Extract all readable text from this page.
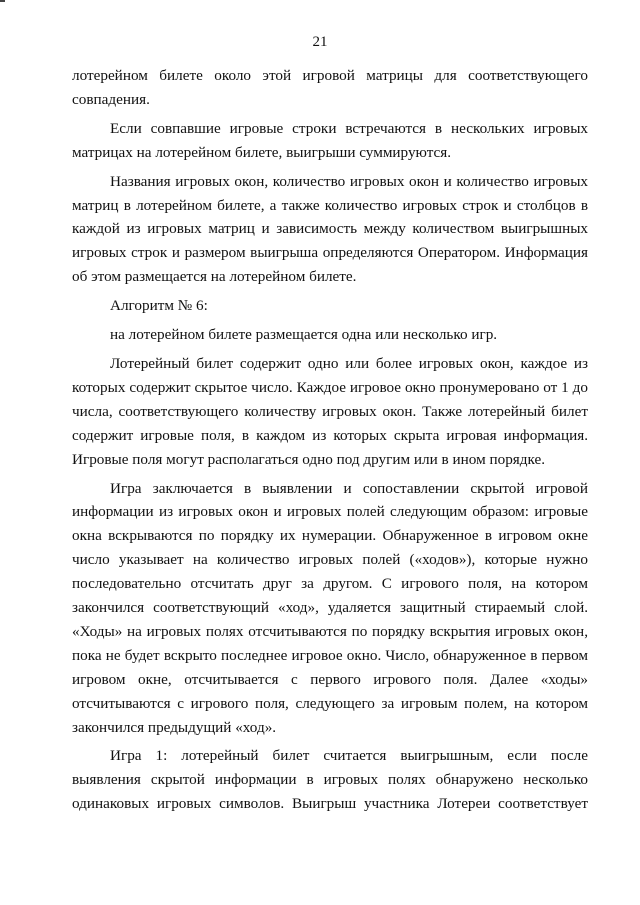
21

лотерейном билете около этой игровой матрицы для соответствующего совпадения.

Если совпавшие игровые строки встречаются в нескольких игровых матрицах на лотерейном билете, выигрыши суммируются.

Названия игровых окон, количество игровых окон и количество игровых матриц в лотерейном билете, а также количество игровых строк и столбцов в каждой из игровых матриц и зависимость между количеством выигрышных игровых строк и размером выигрыша определяются Оператором. Информация об этом размещается на лотерейном билете.

Алгоритм № 6:

на лотерейном билете размещается одна или несколько игр.

Лотерейный билет содержит одно или более игровых окон, каждое из которых содержит скрытое число. Каждое игровое окно пронумеровано от 1 до числа, соответствующего количеству игровых окон. Также лотерейный билет содержит игровые поля, в каждом из которых скрыта игровая информация. Игровые поля могут располагаться одно под другим или в ином порядке.

Игра заключается в выявлении и сопоставлении скрытой игровой информации из игровых окон и игровых полей следующим образом: игровые окна вскрываются по порядку их нумерации. Обнаруженное в игровом окне число указывает на количество игровых полей («ходов»), которые нужно последовательно отсчитать друг за другом. С игрового поля, на котором закончился соответствующий «ход», удаляется защитный стираемый слой. «Ходы» на игровых полях отсчитываются по порядку вскрытия игровых окон, пока не будет вскрыто последнее игровое окно. Число, обнаруженное в первом игровом окне, отсчитывается с первого игрового поля. Далее «ходы» отсчитываются с игрового поля, следующего за игровым полем, на котором закончился предыдущий «ход».

Игра 1: лотерейный билет считается выигрышным, если после выявления скрытой информации в игровых полях обнаружено несколько одинаковых игровых символов. Выигрыш участника Лотереи соответствует
